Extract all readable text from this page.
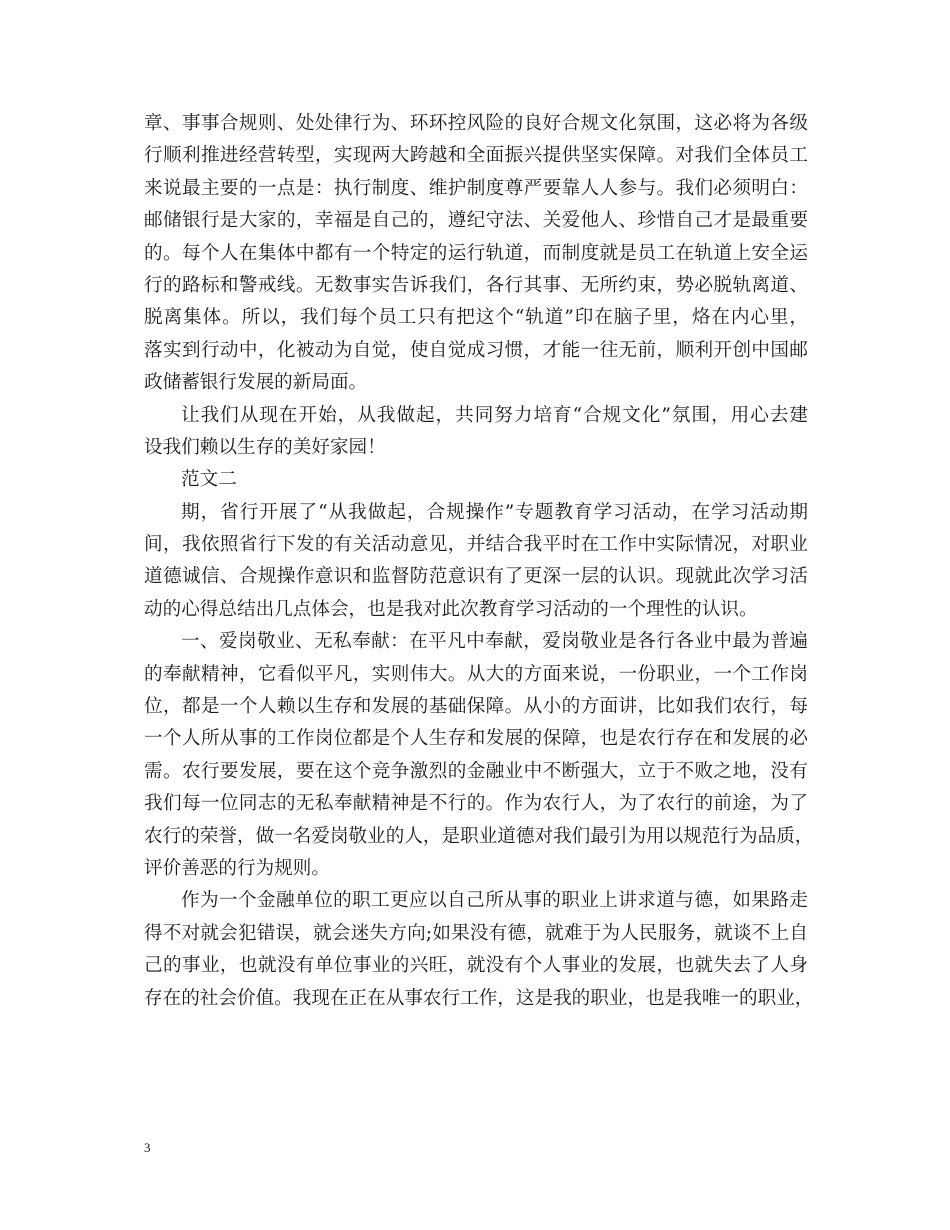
章、事事合规则、处处律行为、环环控风险的良好合规文化氛围，这必将为各级
行顺利推进经营转型，实现两大跨越和全面振兴提供坚实保障。对我们全体员工
来说最主要的一点是：执行制度、维护制度尊严要靠人人参与。我们必须明白：
邮储银行是大家的，幸福是自己的，遵纪守法、关爱他人、珍惜自己才是最重要
的。每个人在集体中都有一个特定的运行轨道，而制度就是员工在轨道上安全运
行的路标和警戒线。无数事实告诉我们，各行其事、无所约束，势必脱轨离道、
脱离集体。所以，我们每个员工只有把这个“轨道”印在脑子里，烙在内心里，
落实到行动中，化被动为自觉，使自觉成习惯，才能一往无前，顺利开创中国邮
政储蓄银行发展的新局面。
让我们从现在开始，从我做起，共同努力培育“合规文化”氛围，用心去建
设我们赖以生存的美好家园！
范文二
期，省行开展了“从我做起，合规操作”专题教育学习活动，在学习活动期
间，我依照省行下发的有关活动意见，并结合我平时在工作中实际情况，对职业
道德诚信、合规操作意识和监督防范意识有了更深一层的认识。现就此次学习活
动的心得总结出几点体会，也是我对此次教育学习活动的一个理性的认识。
一、爱岗敬业、无私奉献：在平凡中奉献，爱岗敬业是各行各业中最为普遍
的奉献精神，它看似平凡，实则伟大。从大的方面来说，一份职业，一个工作岗
位，都是一个人赖以生存和发展的基础保障。从小的方面讲，比如我们农行，每
一个人所从事的工作岗位都是个人生存和发展的保障，也是农行存在和发展的必
需。农行要发展，要在这个竞争激烈的金融业中不断强大，立于不败之地，没有
我们每一位同志的无私奉献精神是不行的。作为农行人，为了农行的前途，为了
农行的荣誉，做一名爱岗敬业的人，是职业道德对我们最引为用以规范行为品质，
评价善恶的行为规则。
作为一个金融单位的职工更应以自己所从事的职业上讲求道与德，如果路走
得不对就会犯错误，就会迷失方向;如果没有德，就难于为人民服务，就谈不上自
己的事业，也就没有单位事业的兴旺，就没有个人事业的发展，也就失去了人身
存在的社会价值。我现在正在从事农行工作，这是我的职业，也是我唯一的职业，
3
